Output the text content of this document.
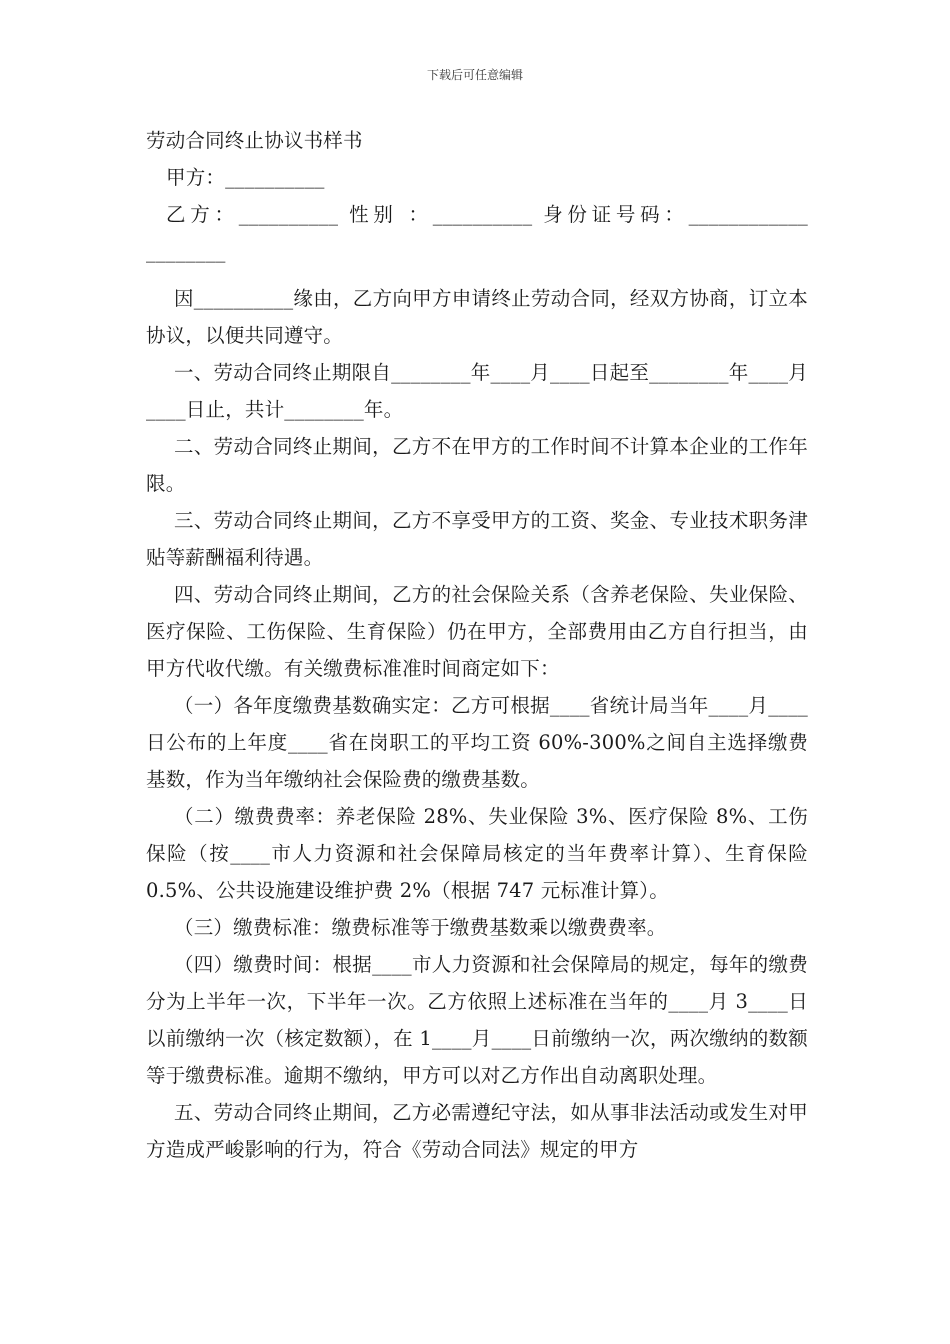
下载后可任意编辑
劳动合同终止协议书样书

甲方：__________

乙方：__________ 性别 ：__________ 身份证号码：____________ ________

因__________缘由，乙方向甲方申请终止劳动合同，经双方协商，订立本协议，以便共同遵守。

一、劳动合同终止期限自________年____月____日起至________年____月____日止，共计________年。

二、劳动合同终止期间，乙方不在甲方的工作时间不计算本企业的工作年限。

三、劳动合同终止期间，乙方不享受甲方的工资、奖金、专业技术职务津贴等薪酬福利待遇。

四、劳动合同终止期间，乙方的社会保险关系（含养老保险、失业保险、医疗保险、工伤保险、生育保险）仍在甲方，全部费用由乙方自行担当，由甲方代收代缴。有关缴费标准准时间商定如下：

（一）各年度缴费基数确实定：乙方可根据____省统计局当年____月____日公布的上年度____省在岗职工的平均工资 60%-300%之间自主选择缴费基数，作为当年缴纳社会保险费的缴费基数。

（二）缴费费率：养老保险 28%、失业保险 3%、医疗保险 8%、工伤保险（按____市人力资源和社会保障局核定的当年费率计算）、生育保险 0.5%、公共设施建设维护费 2%（根据 747 元标准计算）。

（三）缴费标准：缴费标准等于缴费基数乘以缴费费率。

（四）缴费时间：根据____市人力资源和社会保障局的规定，每年的缴费分为上半年一次，下半年一次。乙方依照上述标准在当年的____月 3____日以前缴纳一次（核定数额），在 1____月____日前缴纳一次，两次缴纳的数额等于缴费标准。逾期不缴纳，甲方可以对乙方作出自动离职处理。

五、劳动合同终止期间，乙方必需遵纪守法，如从事非法活动或发生对甲方造成严峻影响的行为，符合《劳动合同法》规定的甲方
